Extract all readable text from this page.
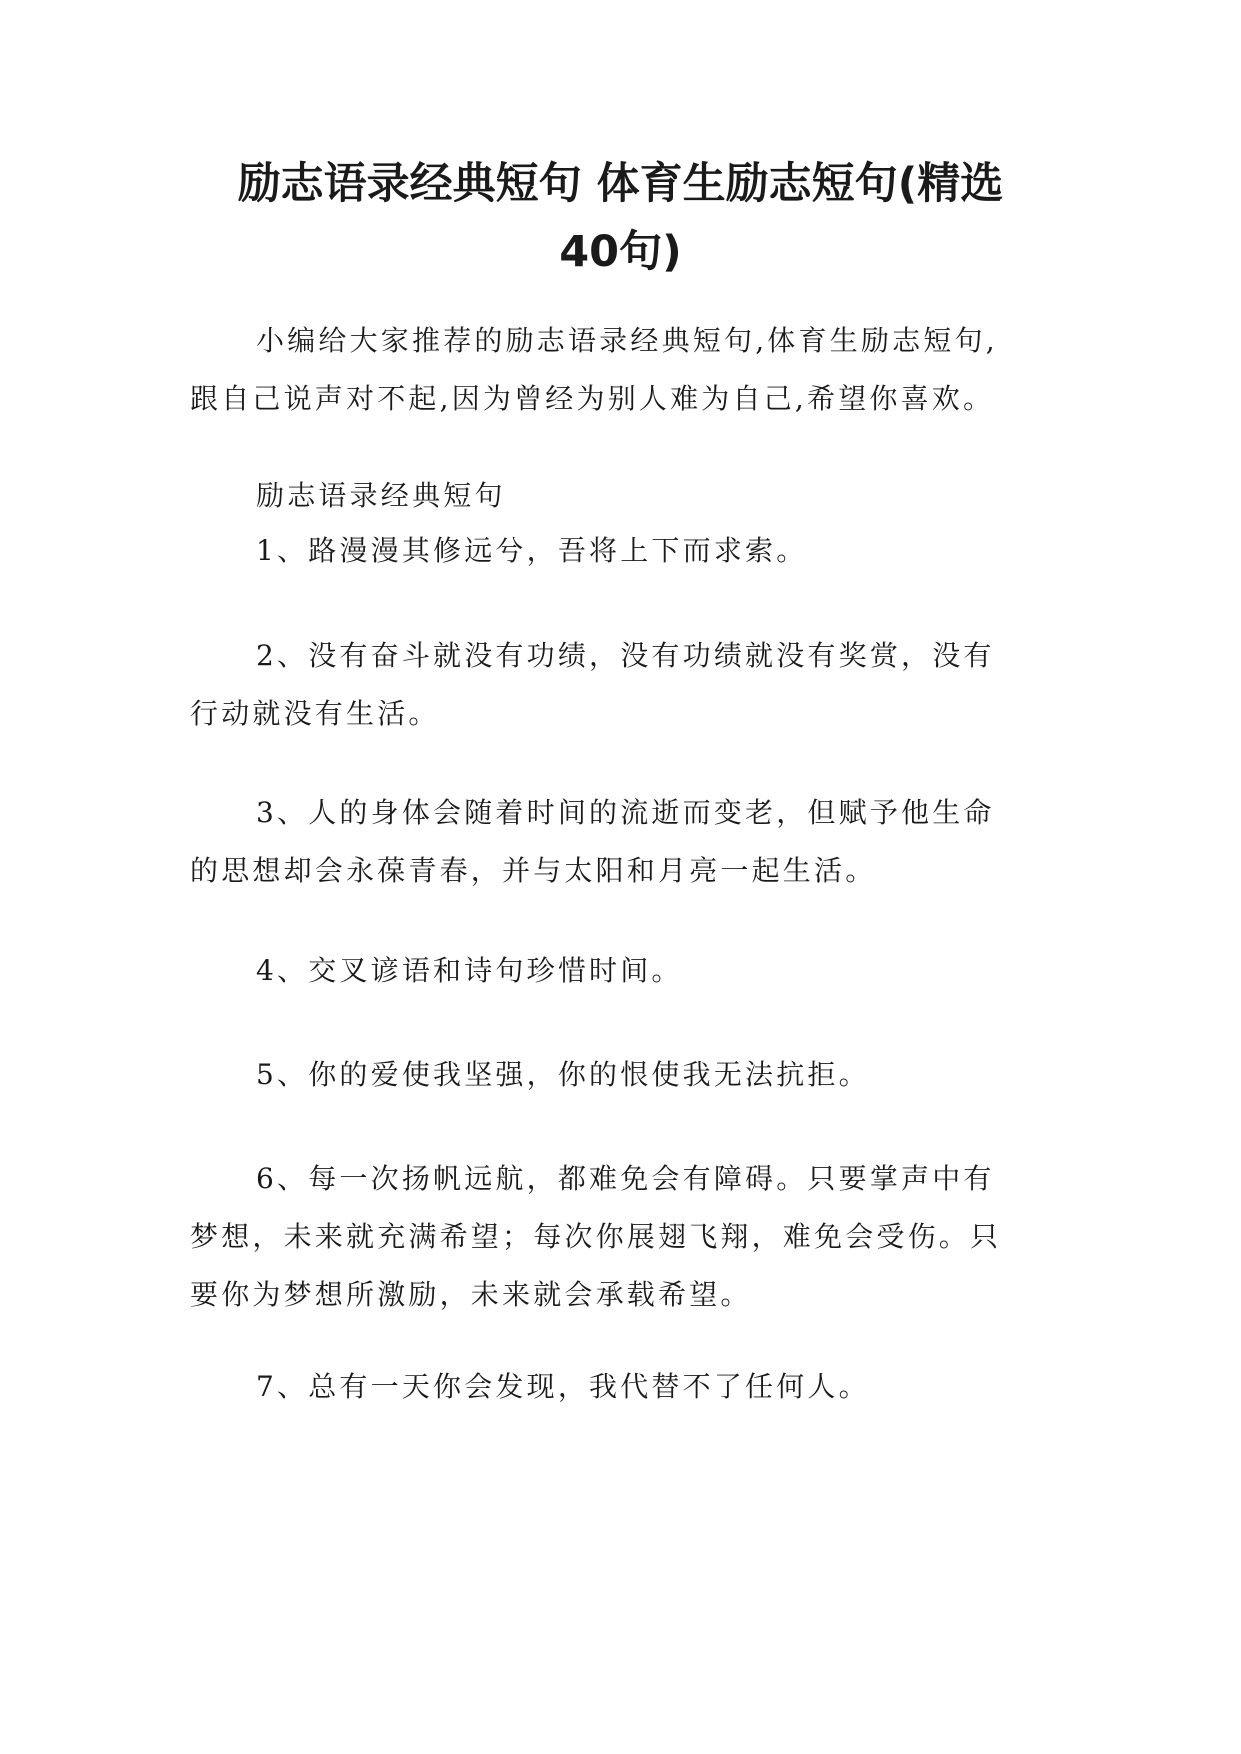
励志语录经典短句 体育生励志短句(精选
40句)

小编给大家推荐的励志语录经典短句,体育生励志短句,
跟自己说声对不起,因为曾经为别人难为自己,希望你喜欢。

励志语录经典短句

1、路漫漫其修远兮，吾将上下而求索。

2、没有奋斗就没有功绩，没有功绩就没有奖赏，没有
行动就没有生活。

3、人的身体会随着时间的流逝而变老，但赋予他生命
的思想却会永葆青春，并与太阳和月亮一起生活。

4、交叉谚语和诗句珍惜时间。

5、你的爱使我坚强，你的恨使我无法抗拒。

6、每一次扬帆远航，都难免会有障碍。只要掌声中有
梦想，未来就充满希望；每次你展翅飞翔，难免会受伤。只
要你为梦想所激励，未来就会承载希望。

7、总有一天你会发现，我代替不了任何人。
